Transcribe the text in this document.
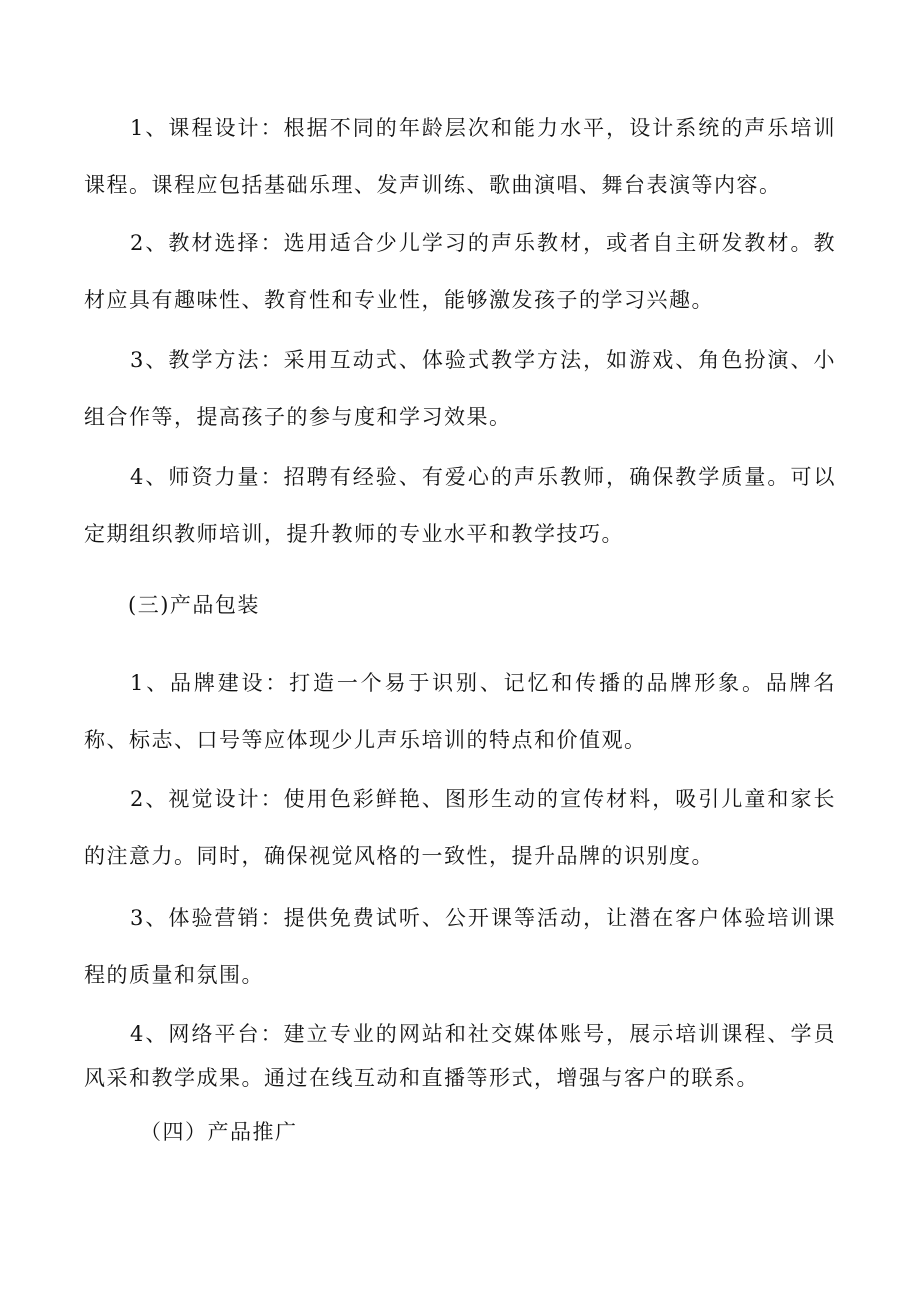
1、课程设计：根据不同的年龄层次和能力水平，设计系统的声乐培训课程。课程应包括基础乐理、发声训练、歌曲演唱、舞台表演等内容。

2、教材选择：选用适合少儿学习的声乐教材，或者自主研发教材。教材应具有趣味性、教育性和专业性，能够激发孩子的学习兴趣。

3、教学方法：采用互动式、体验式教学方法，如游戏、角色扮演、小组合作等，提高孩子的参与度和学习效果。

4、师资力量：招聘有经验、有爱心的声乐教师，确保教学质量。可以定期组织教师培训，提升教师的专业水平和教学技巧。

(三)产品包装

1、品牌建设：打造一个易于识别、记忆和传播的品牌形象。品牌名称、标志、口号等应体现少儿声乐培训的特点和价值观。

2、视觉设计：使用色彩鲜艳、图形生动的宣传材料，吸引儿童和家长的注意力。同时，确保视觉风格的一致性，提升品牌的识别度。

3、体验营销：提供免费试听、公开课等活动，让潜在客户体验培训课程的质量和氛围。

4、网络平台：建立专业的网站和社交媒体账号，展示培训课程、学员风采和教学成果。通过在线互动和直播等形式，增强与客户的联系。

（四）产品推广
